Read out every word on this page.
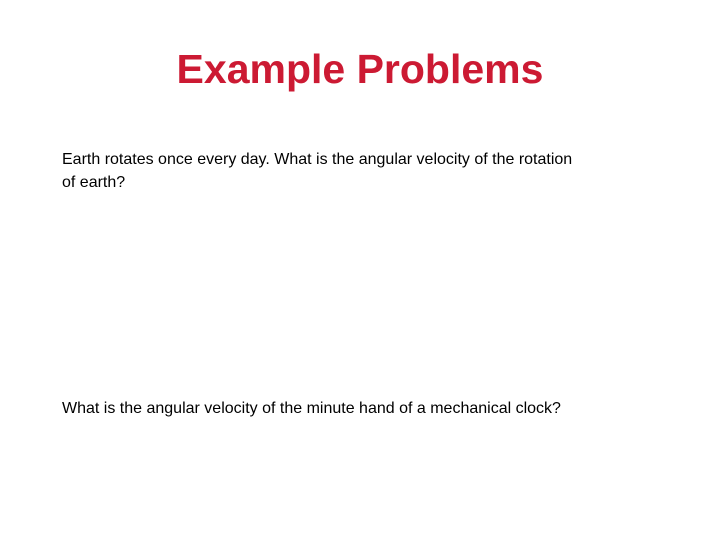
Example Problems

Earth rotates once every day. What is the angular velocity of the rotation of earth?

What is the angular velocity of the minute hand of a mechanical clock?
